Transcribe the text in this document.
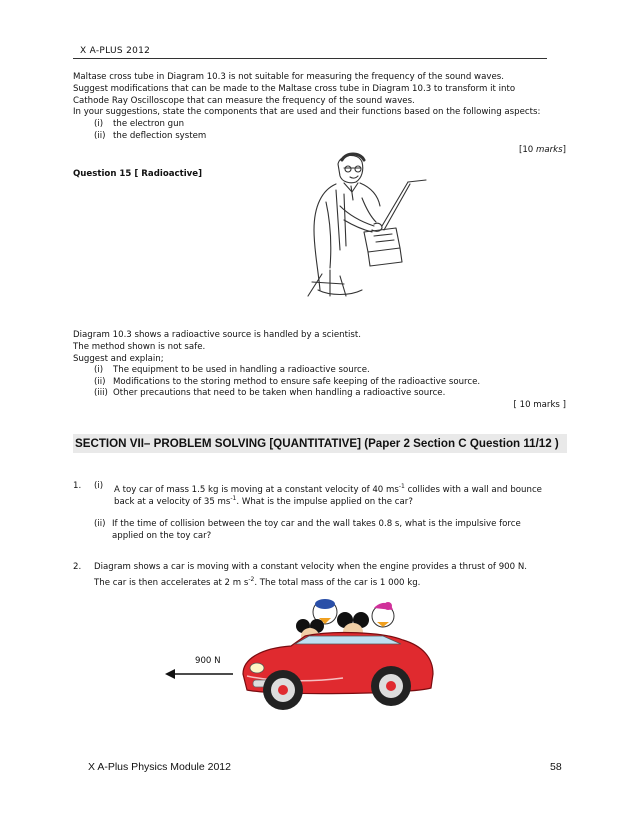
X A-PLUS 2012
Maltase cross tube in Diagram 10.3 is not suitable for measuring the frequency of the sound waves.
Suggest modifications that can be made to the Maltase cross tube in Diagram 10.3 to transform it into
Cathode Ray Oscilloscope that can measure the frequency of the sound waves.
In your suggestions, state the components that are used and their functions based on the following aspects:
(i) the electron gun
(ii) the deflection system
[10 marks]
Question 15 [ Radioactive]
Diagram 10.3 shows a radioactive source is handled by a scientist.
The method shown is not safe.
Suggest and explain;
(i) The equipment to be used in handling a radioactive source.
(ii) Modifications to the storing method to ensure safe keeping of the radioactive source.
(iii) Other precautions that need to be taken when handling a radioactive source.
[ 10 marks ]
SECTION VII– PROBLEM SOLVING [QUANTITATIVE] (Paper 2 Section C Question 11/12 )
1. (i) A toy car of mass 1.5 kg is moving at a constant velocity of 40 $ms^{-1}$ collides with a wall and bounce
back at a velocity of 35 $ms^{-1}$. What is the impulse applied on the car?
(ii) If the time of collision between the toy car and the wall takes 0.8 s, what is the impulsive force
applied on the toy car?
2. Diagram shows a car is moving with a constant velocity when the engine provides a thrust of 900 N.
The car is then accelerates at 2 m $s^{-2}$. The total mass of the car is 1 000 kg.
900 N
X A-Plus Physics Module 2012	58
